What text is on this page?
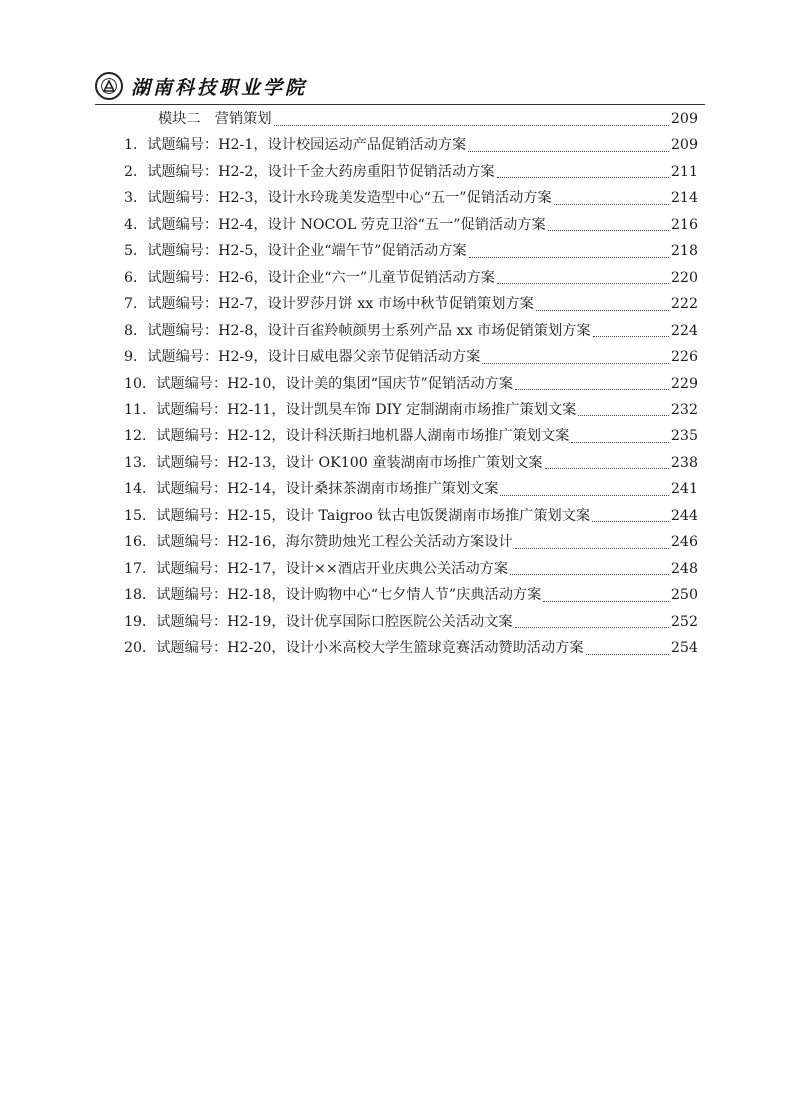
湖南科技职业学院
模块二　营销策划	209
1．试题编号：H2-1，设计校园运动产品促销活动方案	209
2．试题编号：H2-2，设计千金大药房重阳节促销活动方案	211
3．试题编号：H2-3，设计水玲珑美发造型中心“五一”促销活动方案	214
4．试题编号：H2-4，设计 NOCOL 劳克卫浴“五一”促销活动方案	216
5．试题编号：H2-5，设计企业“端午节”促销活动方案	218
6．试题编号：H2-6，设计企业“六一”儿童节促销活动方案	220
7．试题编号：H2-7，设计罗莎月饼 xx 市场中秋节促销策划方案	222
8．试题编号：H2-8，设计百雀羚帧颜男士系列产品 xx 市场促销策划方案	224
9．试题编号：H2-9，设计日威电器父亲节促销活动方案	226
10．试题编号：H2-10，设计美的集团“国庆节”促销活动方案	229
11．试题编号：H2-11，设计凯昊车饰 DIY 定制湖南市场推广策划文案	232
12．试题编号：H2-12，设计科沃斯扫地机器人湖南市场推广策划文案	235
13．试题编号：H2-13，设计 OK100 童装湖南市场推广策划文案	238
14．试题编号：H2-14，设计桑抹茶湖南市场推广策划文案	241
15．试题编号：H2-15，设计 Taigroo 钛古电饭煲湖南市场推广策划文案	244
16．试题编号：H2-16，海尔赞助烛光工程公关活动方案设计	246
17．试题编号：H2-17，设计××酒店开业庆典公关活动方案	248
18．试题编号：H2-18，设计购物中心“七夕情人节”庆典活动方案	250
19．试题编号：H2-19，设计优享国际口腔医院公关活动文案	252
20．试题编号：H2-20，设计小米高校大学生篮球竞赛活动赞助活动方案	254
